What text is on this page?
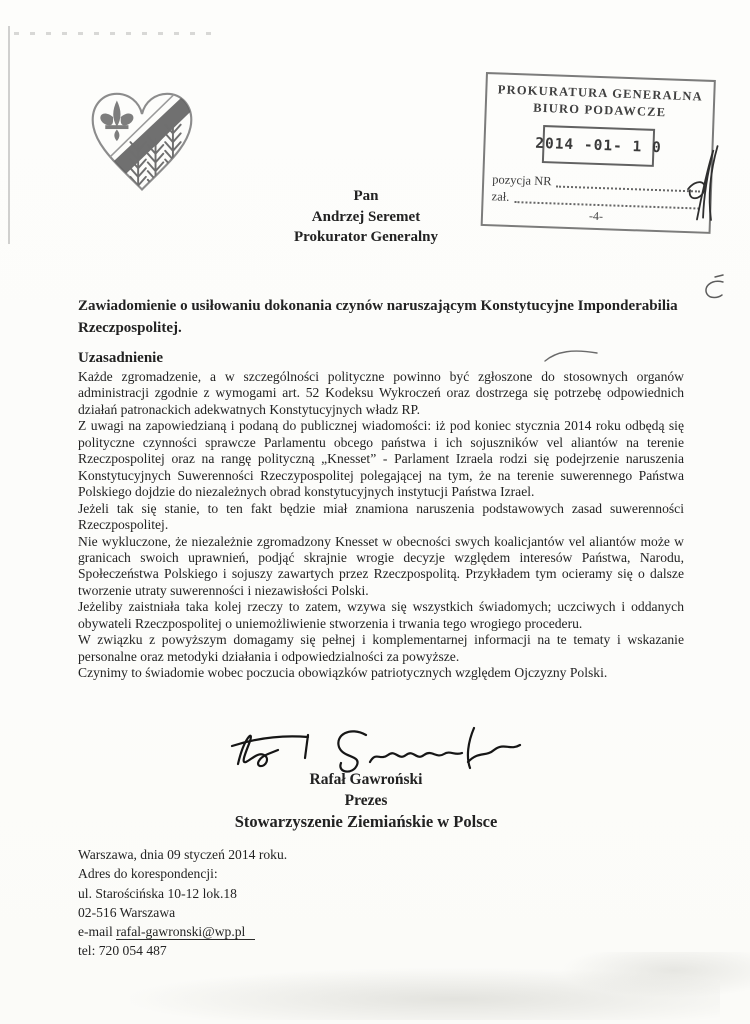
PROKURATURA GENERALNA
BIURO PODAWCZE
2014 -01- 1 0
pozycja NR
zał.
-4-
Pan
Andrzej Seremet
Prokurator Generalny
Zawiadomienie o usiłowaniu dokonania czynów naruszającym Konstytucyjne Imponderabilia Rzeczpospolitej.
Uzasadnienie

Każde zgromadzenie, a w szczególności polityczne powinno być zgłoszone do stosownych organów administracji zgodnie z wymogami art. 52 Kodeksu Wykroczeń oraz dostrzega się potrzebę odpowiednich działań patronackich adekwatnych Konstytucyjnych władz RP.

Z uwagi na zapowiedzianą i podaną do publicznej wiadomości: iż pod koniec stycznia 2014 roku odbędą się polityczne czynności sprawcze Parlamentu obcego państwa i ich sojuszników vel aliantów na terenie Rzeczpospolitej oraz na rangę polityczną „Knesset” - Parlament Izraela rodzi się podejrzenie naruszenia Konstytucyjnych Suwerenności Rzeczypospolitej polegającej na tym, że na terenie suwerennego Państwa Polskiego dojdzie do niezależnych obrad konstytucyjnych instytucji Państwa Izrael.

Jeżeli tak się stanie, to ten fakt będzie miał znamiona naruszenia podstawowych zasad suwerenności Rzeczpospolitej.

Nie wykluczone, że niezależnie zgromadzony Knesset w obecności swych koalicjantów vel aliantów może w granicach swoich uprawnień, podjąć skrajnie wrogie decyzje względem interesów Państwa, Narodu, Społeczeństwa Polskiego i sojuszy zawartych przez Rzeczpospolitą. Przykładem tym ocieramy się o dalsze tworzenie utraty suwerenności i niezawisłości Polski.

Jeżeliby zaistniała taka kolej rzeczy to zatem, wzywa się wszystkich świadomych; uczciwych i oddanych obywateli Rzeczpospolitej o uniemożliwienie stworzenia i trwania tego wrogiego procederu.

W związku z powyższym domagamy się pełnej i komplementarnej informacji na te tematy i wskazanie personalne oraz metodyki działania i odpowiedzialności za powyższe.

Czynimy to świadomie wobec poczucia obowiązków patriotycznych względem Ojczyzny Polski.

Rafał Gawroński
Prezes
Stowarzyszenie Ziemiańskie w Polsce
Warszawa, dnia 09 styczeń 2014 roku.
Adres do korespondencji:
ul. Starościńska 10-12 lok.18
02-516 Warszawa
e-mail rafal-gawronski@wp.pl
tel: 720 054 487
